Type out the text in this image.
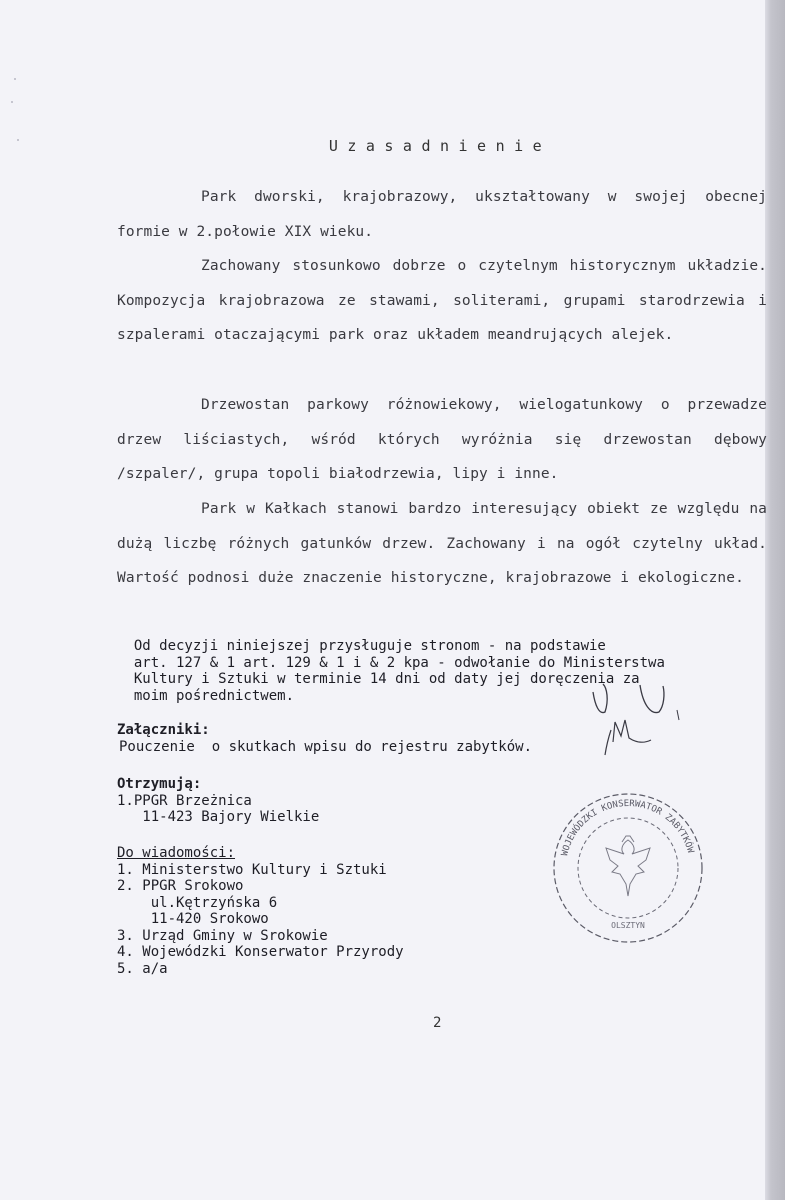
Uzasadnienie

Park dworski, krajobrazowy, ukształtowany w swojej obecnej formie w 2.połowie XIX wieku.

Zachowany stosunkowo dobrze o czytelnym historycznym układzie. Kompozycja krajobrazowa ze stawami, soliterami, grupami starodrzewia i szpalerami otaczającymi park oraz układem meandrujących alejek.

Drzewostan parkowy różnowiekowy, wielogatunkowy o przewadze drzew liściastych, wśród których wyróżnia się drzewostan dębowy /szpaler/, grupa topoli białodrzewia, lipy i inne.

Park w Kałkach stanowi bardzo interesujący obiekt ze względu na dużą liczbę różnych gatunków drzew. Zachowany i na ogół czytelny układ. Wartość podnosi duże znaczenie historyczne, krajobrazowe i ekologiczne.

Od decyzji niniejszej przysługuje stronom - na podstawie
art. 127 & 1 art. 129 & 1 i & 2 kpa - odwołanie do Ministerstwa
Kultury i Sztuki w terminie 14 dni od daty jej doręczenia za
moim pośrednictwem.
Załączniki:
Pouczenie  o skutkach wpisu do rejestru zabytków.
Otrzymują:
1.PPGR Brzeżnica
11-423 Bajory Wielkie
Do wiadomości:
1. Ministerstwo Kultury i Sztuki
2. PPGR Srokowo
ul.Kętrzyńska 6
11-420 Srokowo
3. Urząd Gminy w Srokowie
4. Wojewódzki Konserwator Przyrody
5. a/a
WOJEWÓDZKI KONSERWATOR ZABYTKÓW
OLSZTYN
2
